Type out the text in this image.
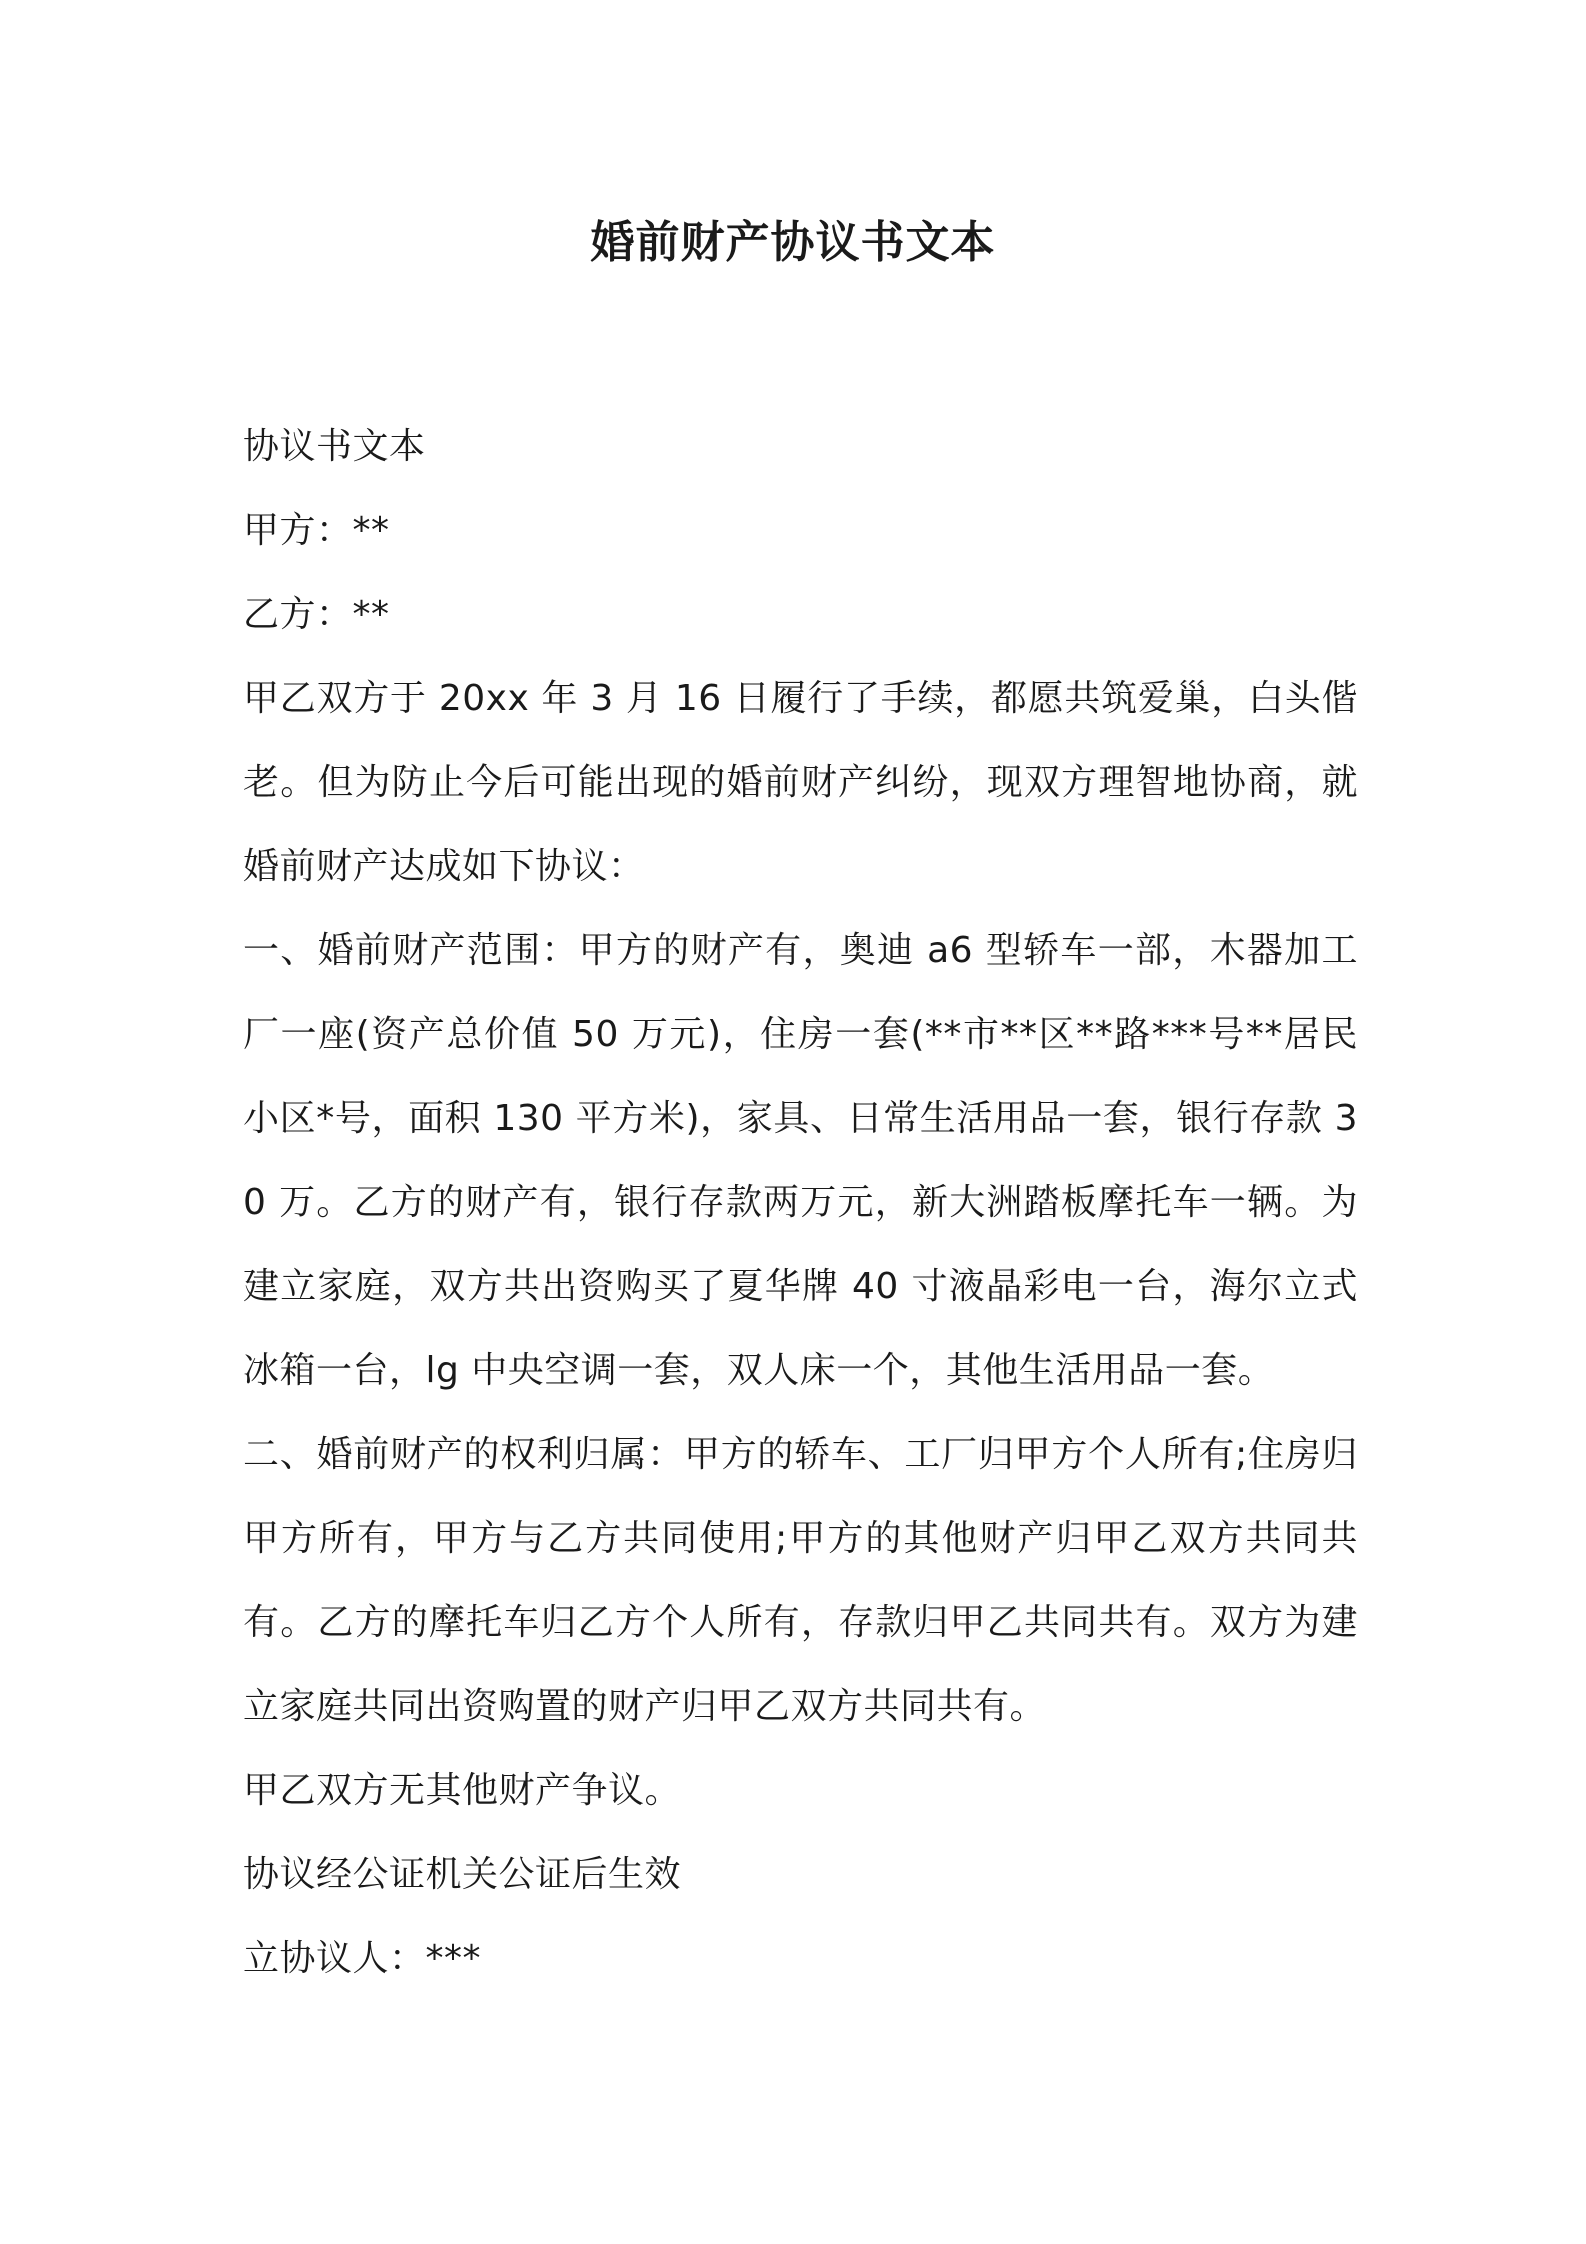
婚前财产协议书文本

协议书文本

甲方：**

乙方：**

甲乙双方于 20xx 年 3 月 16 日履行了手续，都愿共筑爱巢，白头偕老。但为防止今后可能出现的婚前财产纠纷，现双方理智地协商，就婚前财产达成如下协议：

一、婚前财产范围：甲方的财产有，奥迪 a6 型轿车一部，木器加工厂一座(资产总价值 50 万元)，住房一套(**市**区**路***号**居民小区*号，面积 130 平方米)，家具、日常生活用品一套，银行存款 30 万。乙方的财产有，银行存款两万元，新大洲踏板摩托车一辆。为建立家庭，双方共出资购买了夏华牌 40 寸液晶彩电一台，海尔立式冰箱一台，lg 中央空调一套，双人床一个，其他生活用品一套。

二、婚前财产的权利归属：甲方的轿车、工厂归甲方个人所有;住房归甲方所有，甲方与乙方共同使用;甲方的其他财产归甲乙双方共同共有。乙方的摩托车归乙方个人所有，存款归甲乙共同共有。双方为建立家庭共同出资购置的财产归甲乙双方共同共有。

甲乙双方无其他财产争议。

协议经公证机关公证后生效

立协议人：***
